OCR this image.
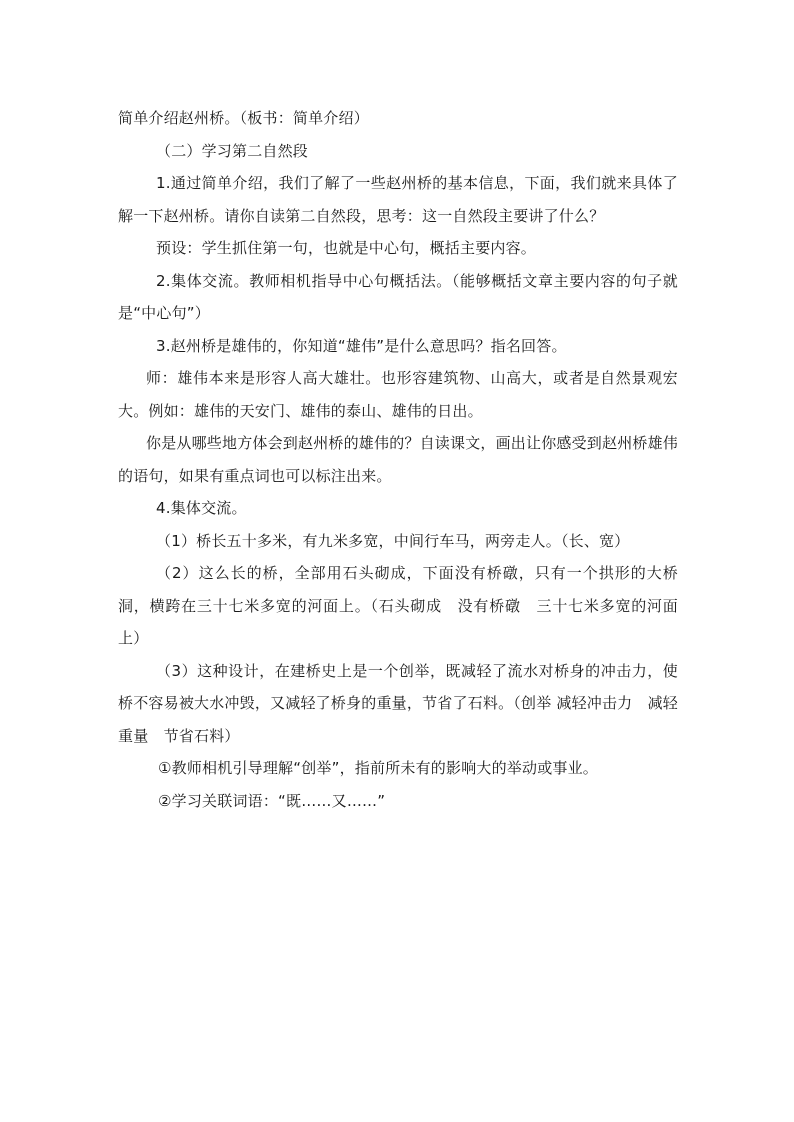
简单介绍赵州桥。（板书：简单介绍）

（二）学习第二自然段

1.通过简单介绍，我们了解了一些赵州桥的基本信息，下面，我们就来具体了解一下赵州桥。请你自读第二自然段，思考：这一自然段主要讲了什么？

预设：学生抓住第一句，也就是中心句，概括主要内容。

2.集体交流。教师相机指导中心句概括法。（能够概括文章主要内容的句子就是“中心句”）

3.赵州桥是雄伟的，你知道“雄伟”是什么意思吗？指名回答。

师：雄伟本来是形容人高大雄壮。也形容建筑物、山高大，或者是自然景观宏大。例如：雄伟的天安门、雄伟的泰山、雄伟的日出。

你是从哪些地方体会到赵州桥的雄伟的？自读课文，画出让你感受到赵州桥雄伟的语句，如果有重点词也可以标注出来。

4.集体交流。

（1）桥长五十多米，有九米多宽，中间行车马，两旁走人。（长、宽）

（2）这么长的桥，全部用石头砌成，下面没有桥礅，只有一个拱形的大桥洞，横跨在三十七米多宽的河面上。（石头砌成　没有桥礅　三十七米多宽的河面上）

（3）这种设计，在建桥史上是一个创举，既减轻了流水对桥身的冲击力，使桥不容易被大水冲毁，又减轻了桥身的重量，节省了石料。（创举 减轻冲击力　减轻重量　节省石料）

①教师相机引导理解“创举”，指前所未有的影响大的举动或事业。

②学习关联词语：“既……又……”
